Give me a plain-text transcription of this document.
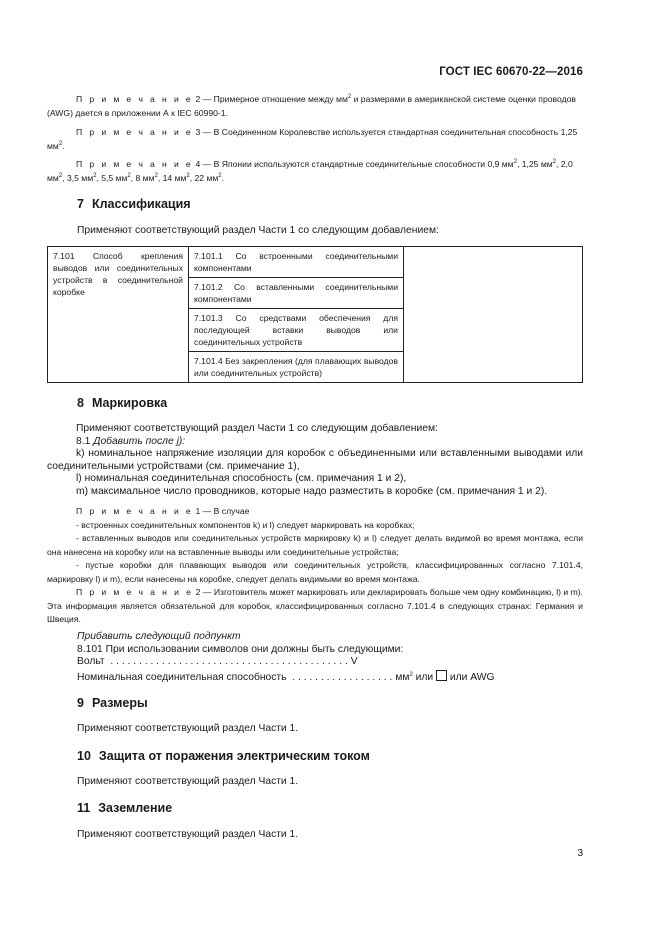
ГОСТ IEC 60670-22—2016
П р и м е ч а н и е 2 — Примерное отношение между $мм^2$ и размерами в американской системе оценки проводов (AWG) дается в приложении А к IEC 60990-1.
П р и м е ч а н и е 3 — В Соединенном Королевстве используется стандартная соединительная способность 1,25 $мм^2$.
П р и м е ч а н и е 4 — В Японии используются стандартные соединительные способности 0,9 $мм^2$, 1,25 $мм^2$, 2,0 $мм^2$, 3,5 $мм^2$, 5,5 $мм^2$, 8 $мм^2$, 14 $мм^2$, 22 $мм^2$.
7 Классификация
Применяют соответствующий раздел Части 1 со следующим добавлением:
7.101 Способ крепления выводов или соединительных устройств в соединительной коробке	7.101.1 Со встроенными соединительными компонентами	
7.101.2 Со вставленными соединительными компонентами
7.101.3 Со средствами обеспечения для последующей вставки выводов или соединительных устройств
7.101.4 Без закрепления (для плавающих выводов или соединительных устройств)
8 Маркировка

Применяют соответствующий раздел Части 1 со следующим добавлением:

8.1 Добавить после j):

k) номинальное напряжение изоляции для коробок с объединенными или вставленными выводами или соединительными устройствами (см. примечание 1),

l) номинальная соединительная способность (см. примечания 1 и 2),

m) максимальное число проводников, которые надо разместить в коробке (см. примечания 1 и 2).

П р и м е ч а н и е 1 — В случае
- встроенных соединительных компонентов k) и l) следует маркировать на коробках;
- вставленных выводов или соединительных устройств маркировку k) и l) следует делать видимой во время монтажа, если она нанесена на коробку или на вставленные выводы или соединительные устройства;
- пустые коробки для плавающих выводов или соединительных устройств, классифицированных согласно 7.101.4, маркировку l) и m), если нанесены на коробке, следует делать видимыми во время монтажа.
П р и м е ч а н и е 2 — Изготовитель может маркировать или декларировать больше чем одну комбинацию, l) и m). Эта информация является обязательной для коробок, классифицированных согласно 7.101.4 в следующих странах: Германия и Швеция.
Прибавить следующий подпункт
8.101 При использовании символов они должны быть следующими:
Вольт . . . . . . . . . . . . . . . . . . . . . . . . . . . . . . . . . . . . . . . . . . V
Номинальная соединительная способность . . . . . . . . . . . . . . . . . . $мм^2$ или  или AWG
9 Размеры
Применяют соответствующий раздел Части 1.
10 Защита от поражения электрическим током
Применяют соответствующий раздел Части 1.
11 Заземление
Применяют соответствующий раздел Части 1.
3
